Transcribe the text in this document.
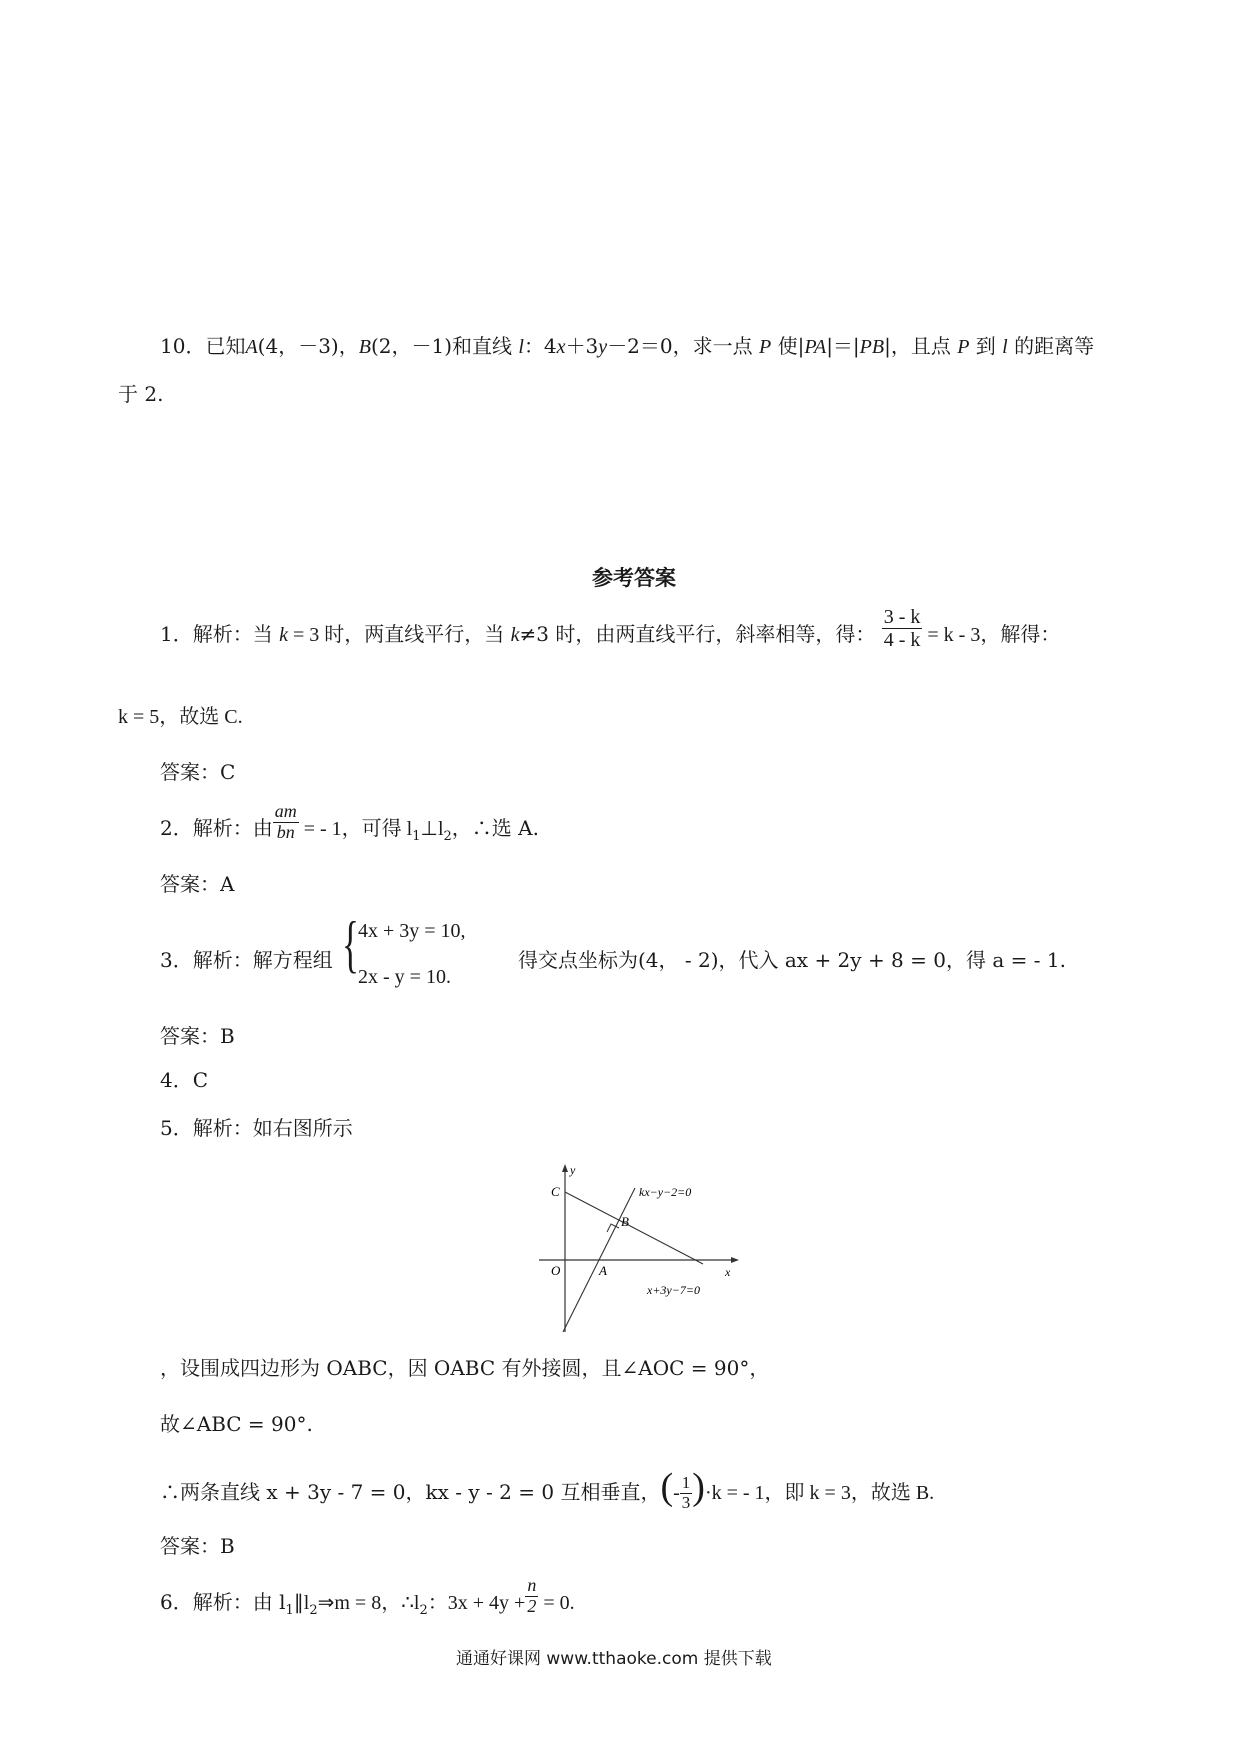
10．已知A(4，－3)，B(2，－1)和直线 l：4x＋3y－2＝0，求一点 P 使|PA|＝|PB|，且点 P 到 l 的距离等
于 2.
参考答案
1．解析：当 k = 3 时，两直线平行，当 k≠3 时，由两直线平行，斜率相等，得： $\frac{3 - k}{4 - k} = k - 3$，解得：
k = 5，故选 C.
答案：C
2．解析：由 $\frac{am}{bn}$ = - 1，可得 $l_1\perp l_2$，∴选 A.
答案：A
3．解析：解方程组 { 4x + 3y = 10,
2x - y = 10.
得交点坐标为(4， - 2)，代入 ax + 2y + 8 = 0，得 a = - 1.
答案：B
4．C
5．解析：如右图所示
y
x
C
B
O	A
kx−y−2=0
x+3y−7=0
，设围成四边形为 OABC，因 OABC 有外接圆，且∠AOC = 90°，
故∠ABC = 90°.
∴两条直线 x + 3y - 7 = 0，kx - y - 2 = 0 互相垂直，(- $\frac{1}{3} )\cdot k$ = - 1，即 k = 3，故选 B.
答案：B
6．解析：由 $l_1\parallel l_2\Rightarrow m = 8$，$\therefore l_2$：$3x + 4y + \frac{n}{2} = 0$.
通通好课网 www.tthaoke.com 提供下载
